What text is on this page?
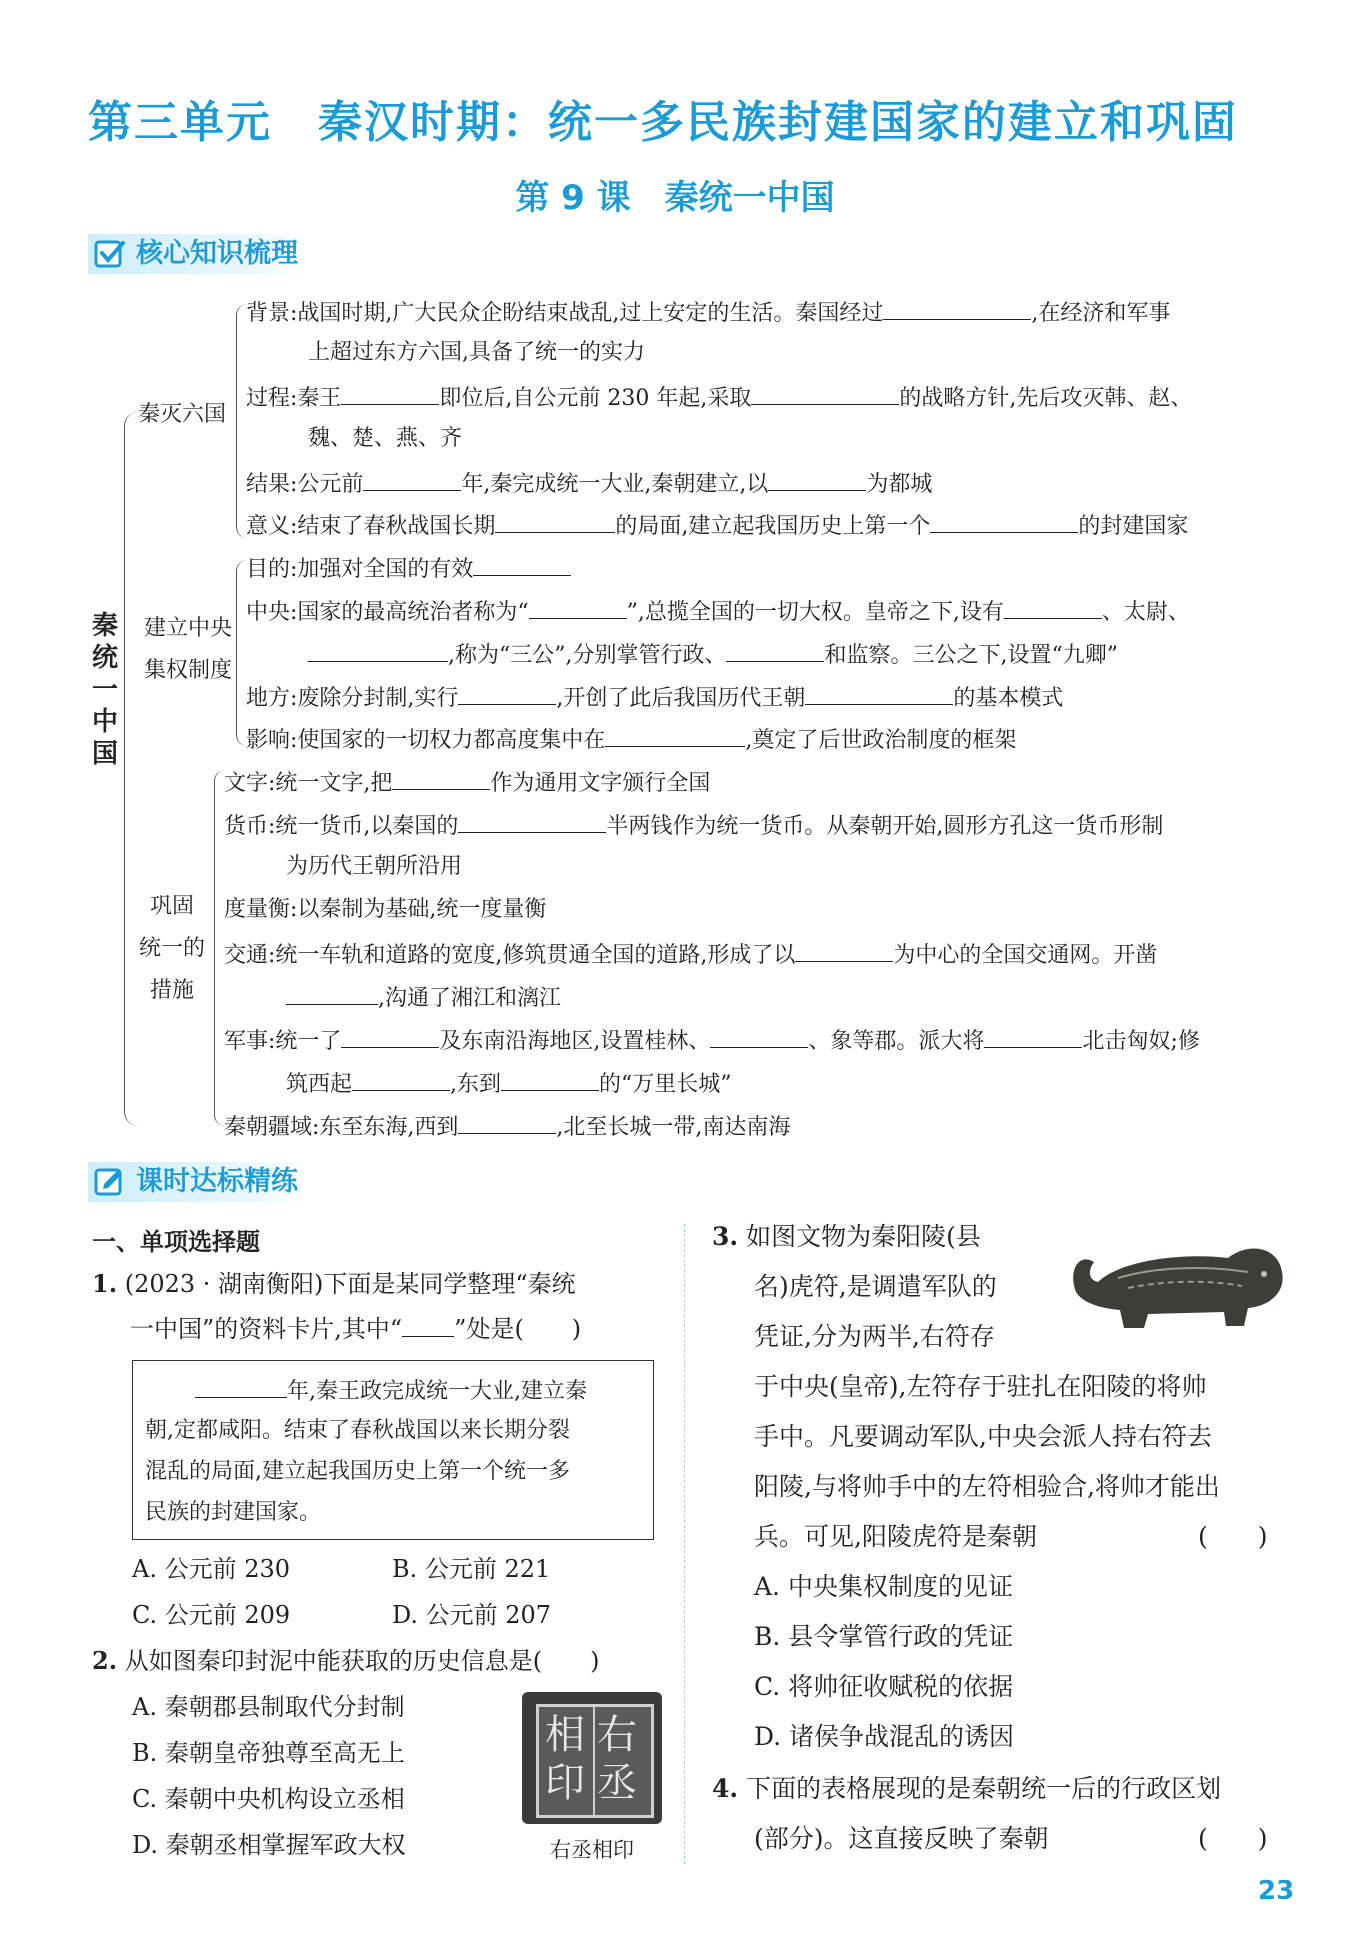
第三单元　秦汉时期：统一多民族封建国家的建立和巩固
第 9 课　秦统一中国
核心知识梳理
秦统一中国
秦灭六国
建立中央
集权制度
巩固
统一的
措施
背景:战国时期,广大民众企盼结束战乱,过上安定的生活。秦国经过	,在经济和军事
上超过东方六国,具备了统一的实力
过程:秦王	即位后,自公元前 230 年起,采取	的战略方针,先后攻灭韩、赵、
魏、楚、燕、齐
结果:公元前	年,秦完成统一大业,秦朝建立,以	为都城
意义:结束了春秋战国长期	的局面,建立起我国历史上第一个	的封建国家
目的:加强对全国的有效
中央:国家的最高统治者称为“	”,总揽全国的一切大权。皇帝之下,设有	、太尉、
,称为“三公”,分别掌管行政、	和监察。三公之下,设置“九卿”
地方:废除分封制,实行	,开创了此后我国历代王朝	的基本模式
影响:使国家的一切权力都高度集中在	,奠定了后世政治制度的框架
文字:统一文字,把	作为通用文字颁行全国
货币:统一货币,以秦国的	半两钱作为统一货币。从秦朝开始,圆形方孔这一货币形制
为历代王朝所沿用
度量衡:以秦制为基础,统一度量衡
交通:统一车轨和道路的宽度,修筑贯通全国的道路,形成了以	为中心的全国交通网。开凿
,沟通了湘江和漓江
军事:统一了	及东南沿海地区,设置桂林、	、象等郡。派大将	北击匈奴;修
筑西起	,东到	的“万里长城”
秦朝疆域:东至东海,西到	,北至长城一带,南达南海
课时达标精练
一、单项选择题
1. (2023 · 湖南衡阳)下面是某同学整理“秦统
一中国”的资料卡片,其中“ ”处是(　　)
年,秦王政完成统一大业,建立秦
朝,定都咸阳。结束了春秋战国以来长期分裂
混乱的局面,建立起我国历史上第一个统一多
民族的封建国家。
A. 公元前 230	B. 公元前 221
C. 公元前 209	D. 公元前 207
2. 从如图秦印封泥中能获取的历史信息是(　　)
A. 秦朝郡县制取代分封制
B. 秦朝皇帝独尊至高无上
C. 秦朝中央机构设立丞相
D. 秦朝丞相掌握军政大权
右
丞
相
印
右丞相印
3. 如图文物为秦阳陵(县
名)虎符,是调遣军队的
凭证,分为两半,右符存
于中央(皇帝),左符存于驻扎在阳陵的将帅
手中。凡要调动军队,中央会派人持右符去
阳陵,与将帅手中的左符相验合,将帅才能出
兵。可见,阳陵虎符是秦朝	(　　)
A. 中央集权制度的见证
B. 县令掌管行政的凭证
C. 将帅征收赋税的依据
D. 诸侯争战混乱的诱因
4. 下面的表格展现的是秦朝统一后的行政区划
(部分)。这直接反映了秦朝	(　　)
23
